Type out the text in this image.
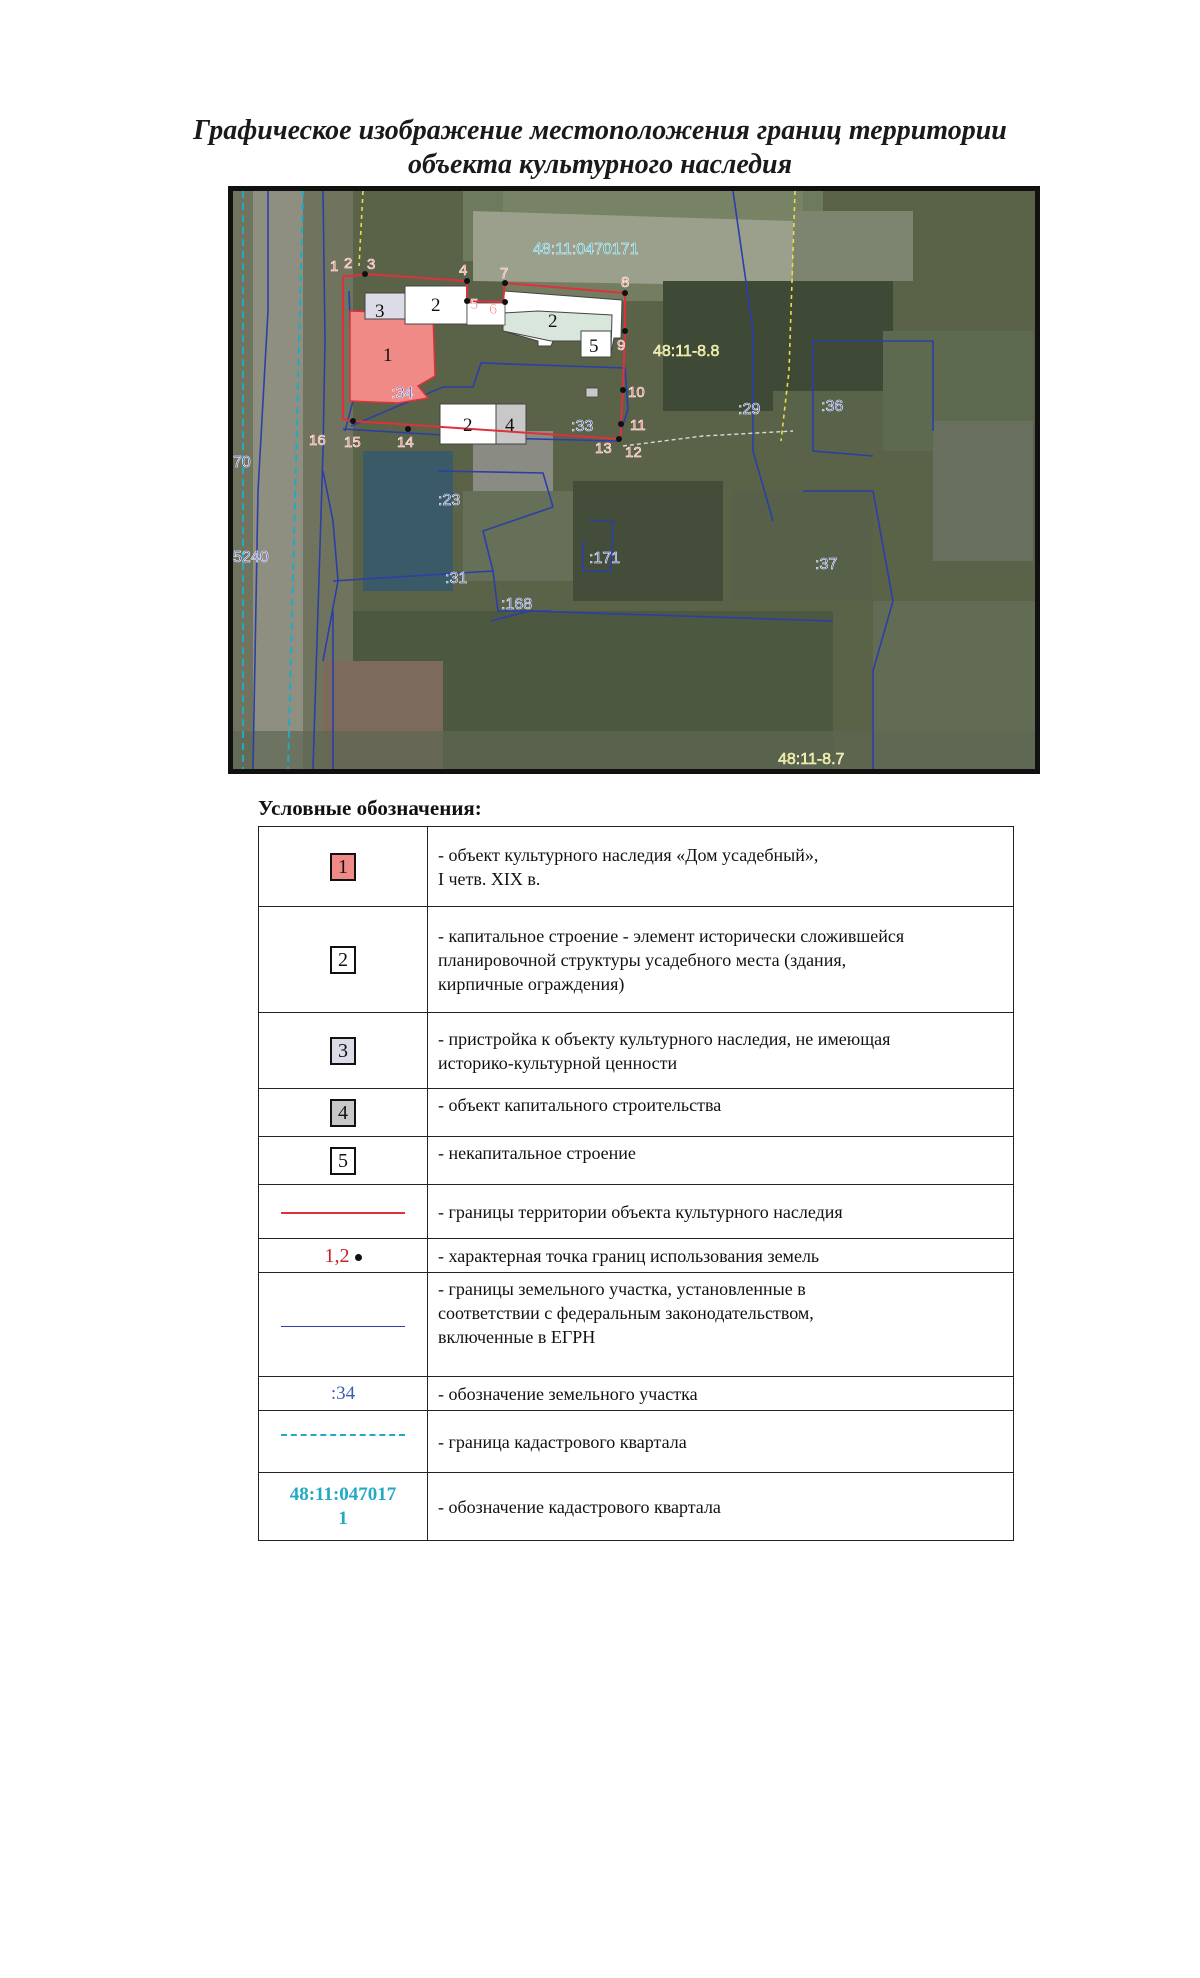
Графическое изображение местоположения границ территории
объекта культурного наследия
1 2 3	4
5 6
7
8
9
10
11
12
13
14
15
16
1
2
2
2
3
4
5
48:11:0470171
48:11-8.8
48:11-8.7
:34
:33
:29	:36
:23
:171
:31
:168
:37
70
5240
Условные обозначения:
1	- объект культурного наследия «Дом усадебный»,
I четв. XIX в.

2	- капитальное строение - элемент исторически сложившейся
планировочной структуры усадебного места (здания,
кирпичные ограждения)

3	- пристройка к объекту культурного наследия, не имеющая
историко-культурной ценности

4	- объект капитального строительства

5	- некапитальное строение

	- границы территории объекта культурного наследия

1,2	- характерная точка границ использования земель

	- границы земельного участка, установленные в
соответствии с федеральным законодательством,
включенные в ЕГРН

:34	- обозначение земельного участка

	- граница кадастрового квартала

48:11:047017
1	- обозначение кадастрового квартала
